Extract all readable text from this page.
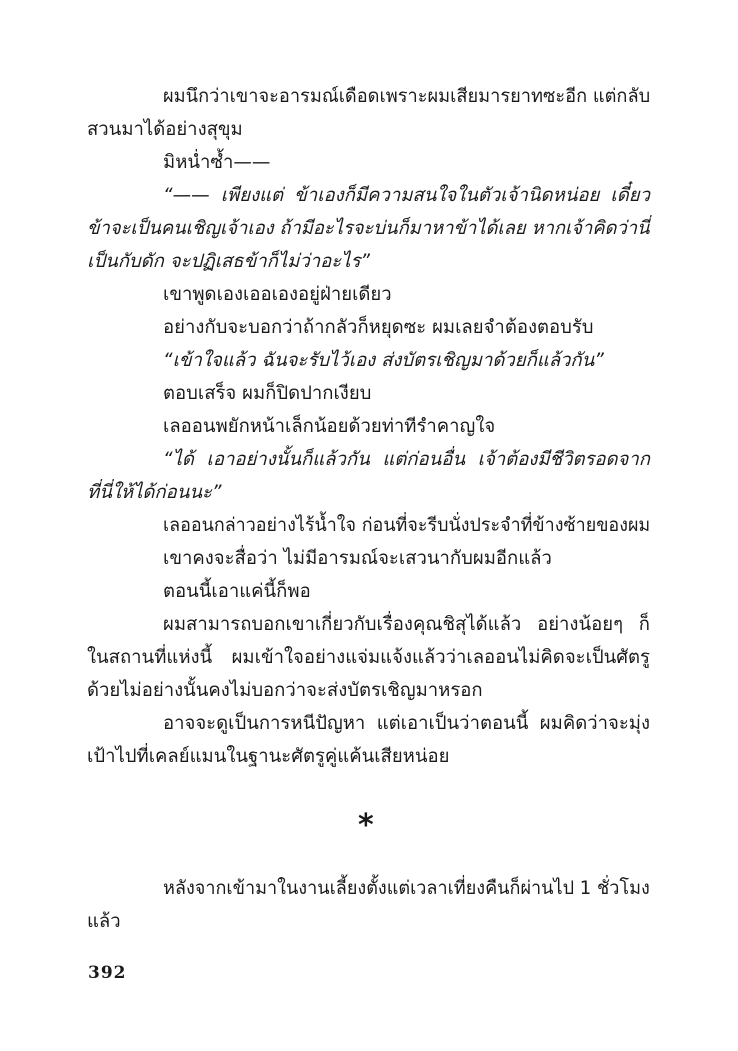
ผมนึกว่าเขาจะอารมณ์เดือดเพราะผมเสียมารยาทซะอีก แต่กลับ
สวนมาได้อย่างสุขุม
มิหน่ำซ้ำ——
“—— เพียงแต่ ข้าเองก็มีความสนใจในตัวเจ้านิดหน่อย เดี๋ยว
ข้าจะเป็นคนเชิญเจ้าเอง ถ้ามีอะไรจะบ่นก็มาหาข้าได้เลย หากเจ้าคิดว่านี่
เป็นกับดัก จะปฏิเสธข้าก็ไม่ว่าอะไร”
เขาพูดเองเออเองอยู่ฝ่ายเดียว
อย่างกับจะบอกว่าถ้ากลัวก็หยุดซะ ผมเลยจำต้องตอบรับ
“เข้าใจแล้ว ฉันจะรับไว้เอง ส่งบัตรเชิญมาด้วยก็แล้วกัน”
ตอบเสร็จ ผมก็ปิดปากเงียบ
เลออนพยักหน้าเล็กน้อยด้วยท่าทีรำคาญใจ
“ได้ เอาอย่างนั้นก็แล้วกัน แต่ก่อนอื่น เจ้าต้องมีชีวิตรอดจาก
ที่นี่ให้ได้ก่อนนะ”
เลออนกล่าวอย่างไร้น้ำใจ ก่อนที่จะรีบนั่งประจำที่ข้างซ้ายของผม
เขาคงจะสื่อว่า ไม่มีอารมณ์จะเสวนากับผมอีกแล้ว
ตอนนี้เอาแค่นี้ก็พอ
ผมสามารถบอกเขาเกี่ยวกับเรื่องคุณชิสุได้แล้ว อย่างน้อยๆ ก็
ในสถานที่แห่งนี้ ผมเข้าใจอย่างแจ่มแจ้งแล้วว่าเลออนไม่คิดจะเป็นศัตรู
ด้วยไม่อย่างนั้นคงไม่บอกว่าจะส่งบัตรเชิญมาหรอก
อาจจะดูเป็นการหนีปัญหา แต่เอาเป็นว่าตอนนี้ ผมคิดว่าจะมุ่ง
เป้าไปที่เคลย์แมนในฐานะศัตรูคู่แค้นเสียหน่อย
*
หลังจากเข้ามาในงานเลี้ยงตั้งแต่เวลาเที่ยงคืนก็ผ่านไป 1 ชั่วโมง
แล้ว
392
